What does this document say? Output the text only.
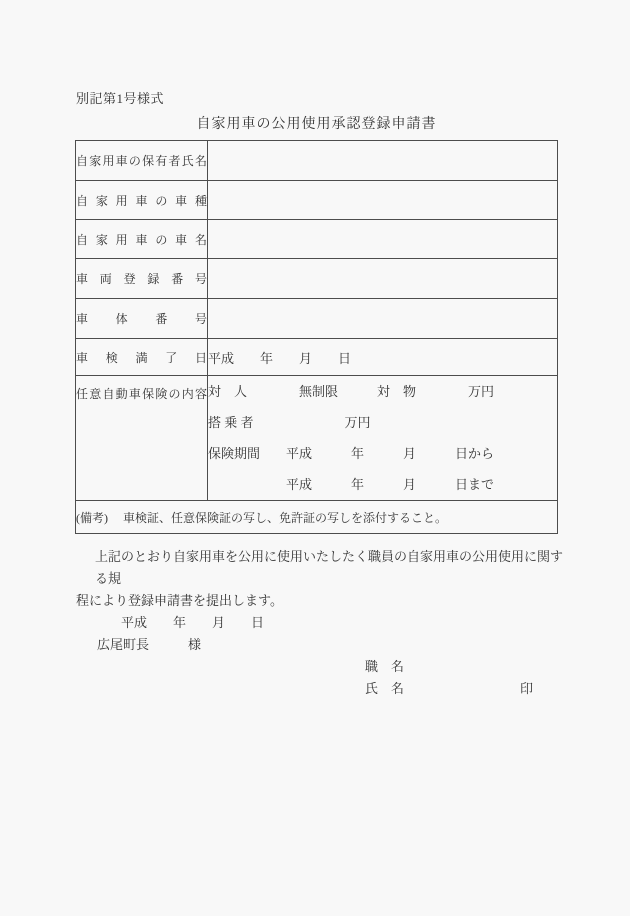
別記第1号様式
自家用車の公用使用承認登録申請書
自家用車の保有者氏名	
自家用車の車種	
自家用車の車名	
車両登録番号	
車体番号	
車検満了日	平成　　年　　月　　日
任意自動車保険の内容	対　人　　　　無制限　　　対　物　　　　万円
搭 乗 者　　　　　　　万円
保険期間　　平成　　　年　　　月　　　日から
　　　　　　平成　　　年　　　月　　　日まで

(備考)　 車検証、任意保険証の写し、免許証の写しを添付すること。	
上記のとおり自家用車を公用に使用いたしたく職員の自家用車の公用使用に関する規
程により登録申請書を提出します。
平成　　年　　月　　日
広尾町長　　　様
職　名
氏　名	印
